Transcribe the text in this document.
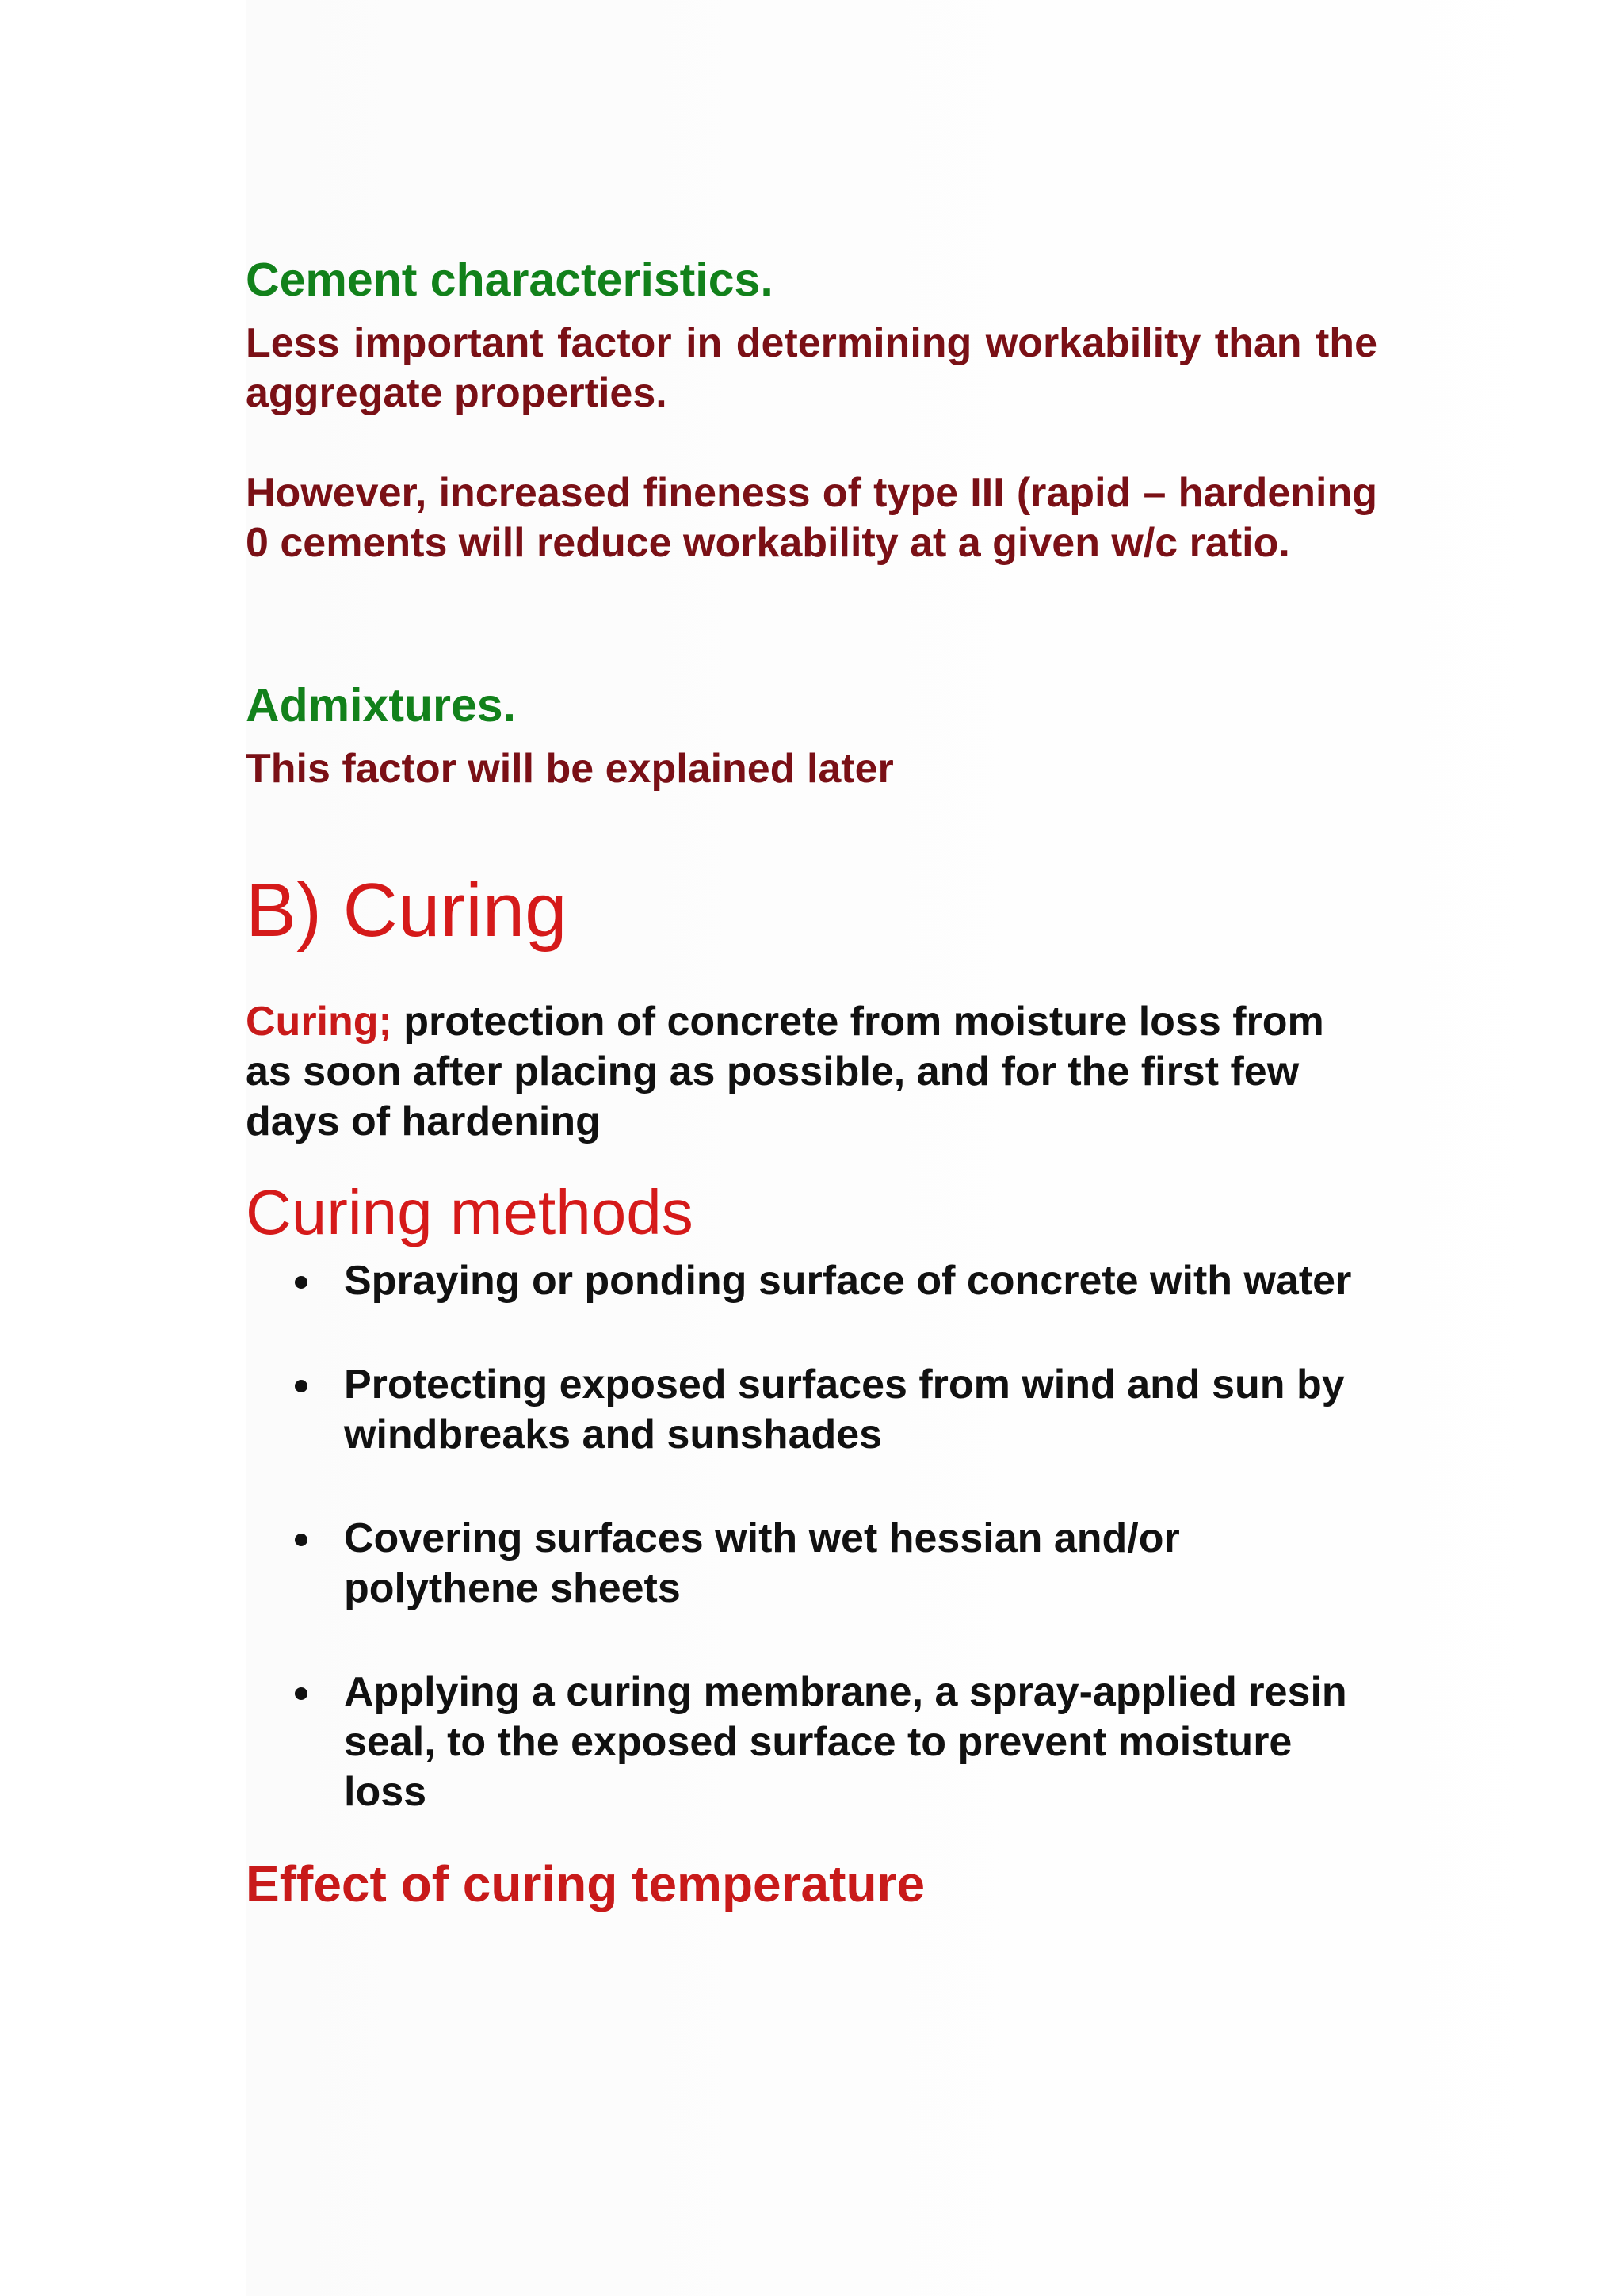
Cement characteristics.

Less important factor in determining workability than the aggregate properties.

However, increased fineness of type III (rapid – hardening 0 cements will reduce workability at a given w/c ratio.

Admixtures.

This factor will be explained later

B) Curing

Curing; protection of concrete from moisture loss from as soon after placing as possible, and for the first few days of hardening

Curing methods
Spraying or ponding surface of concrete with water
Protecting exposed surfaces from wind and sun by windbreaks and sunshades
Covering surfaces with wet hessian and/or polythene sheets
Applying a curing membrane, a spray-applied resin seal, to the exposed surface to prevent moisture loss
Effect of curing temperature
